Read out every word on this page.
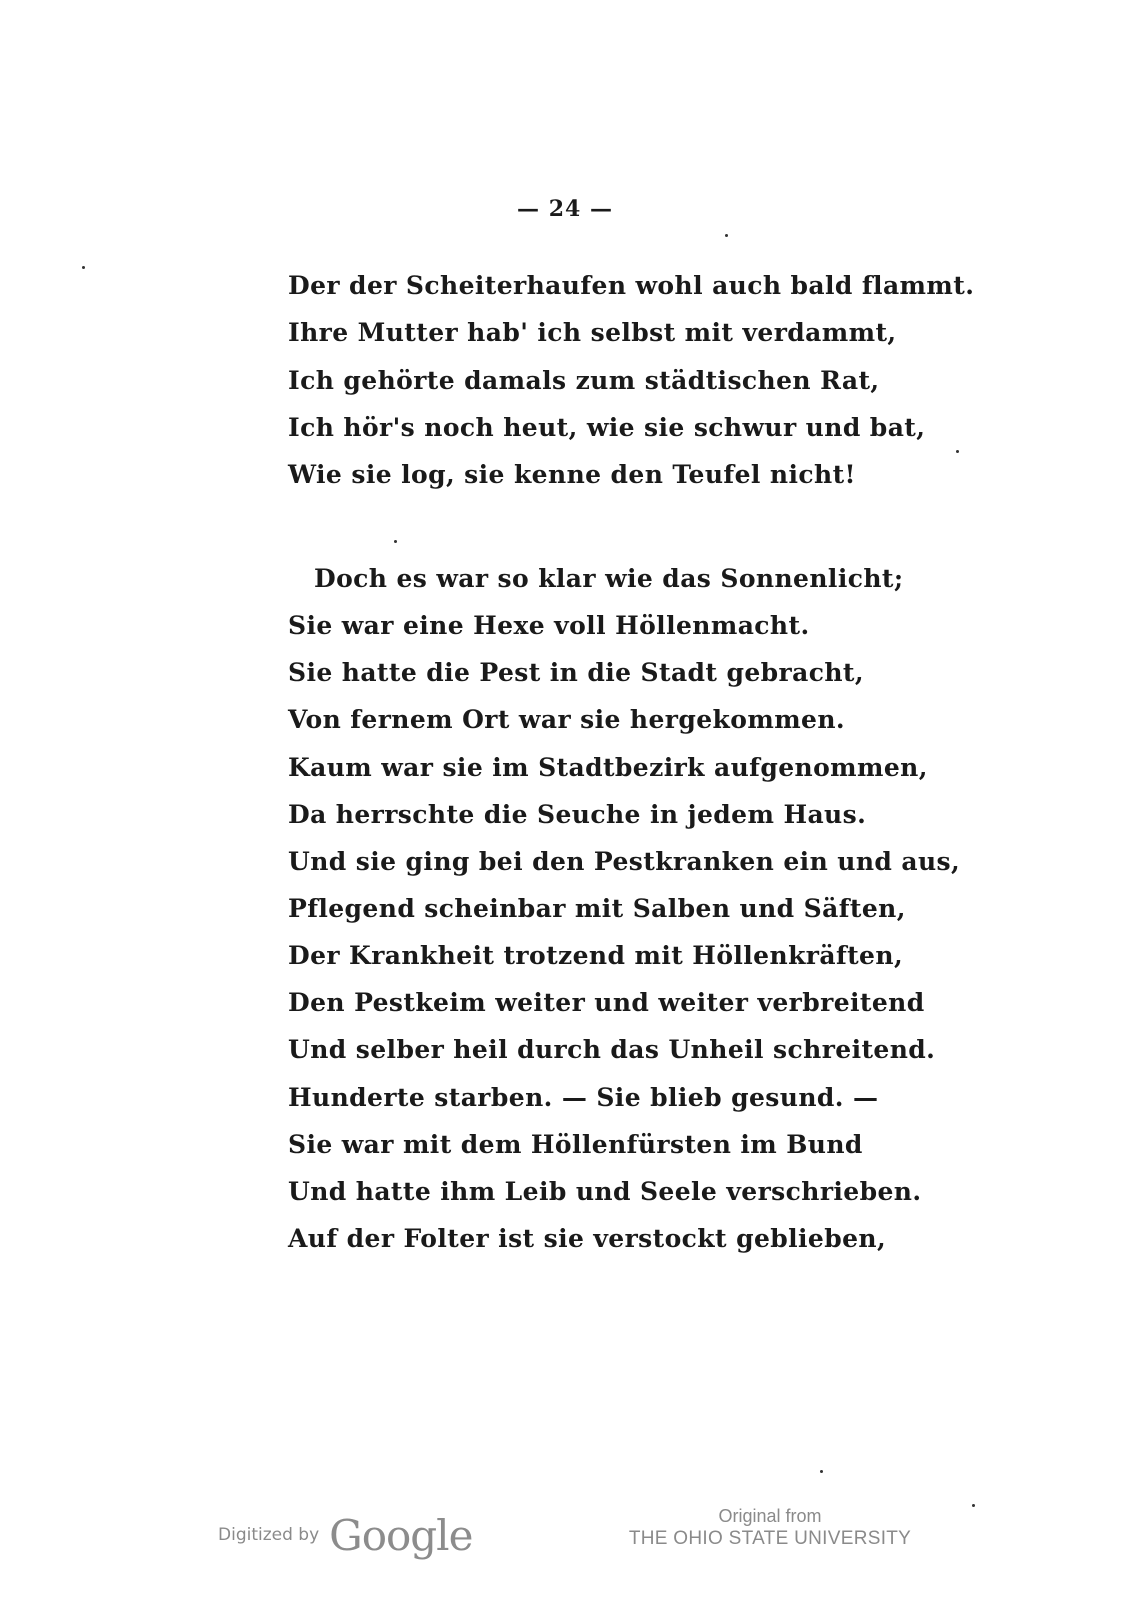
— 24 —
Der der Scheiterhaufen wohl auch bald flammt.
Ihre Mutter hab' ich selbst mit verdammt,
Ich gehörte damals zum städtischen Rat,
Ich hör's noch heut, wie sie schwur und bat,
Wie sie log, sie kenne den Teufel nicht!
Doch es war so klar wie das Sonnenlicht;
Sie war eine Hexe voll Höllenmacht.
Sie hatte die Pest in die Stadt gebracht,
Von fernem Ort war sie hergekommen.
Kaum war sie im Stadtbezirk aufgenommen,
Da herrschte die Seuche in jedem Haus.
Und sie ging bei den Pestkranken ein und aus,
Pflegend scheinbar mit Salben und Säften,
Der Krankheit trotzend mit Höllenkräften,
Den Pestkeim weiter und weiter verbreitend
Und selber heil durch das Unheil schreitend.
Hunderte starben. — Sie blieb gesund. —
Sie war mit dem Höllenfürsten im Bund
Und hatte ihm Leib und Seele verschrieben.
Auf der Folter ist sie verstockt geblieben,
Digitized by Google	Original from
THE OHIO STATE UNIVERSITY
